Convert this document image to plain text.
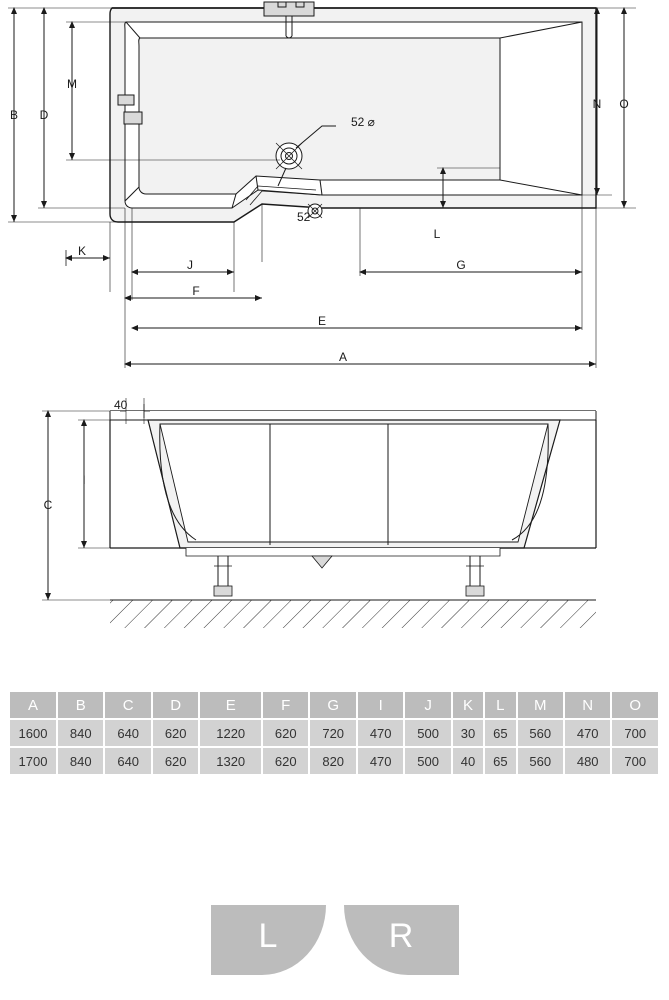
B D
M
N O
L
K
J
F
G
E
A
C
I
52 ⌀
52
40
A	B	C	D	E	F	G	I	J	K	L	M	N	O
1600	840	640	620	1220	620	720	470	500	30	65	560	470	700
1700	840	640	620	1320	620	820	470	500	40	65	560	480	700
L	R
